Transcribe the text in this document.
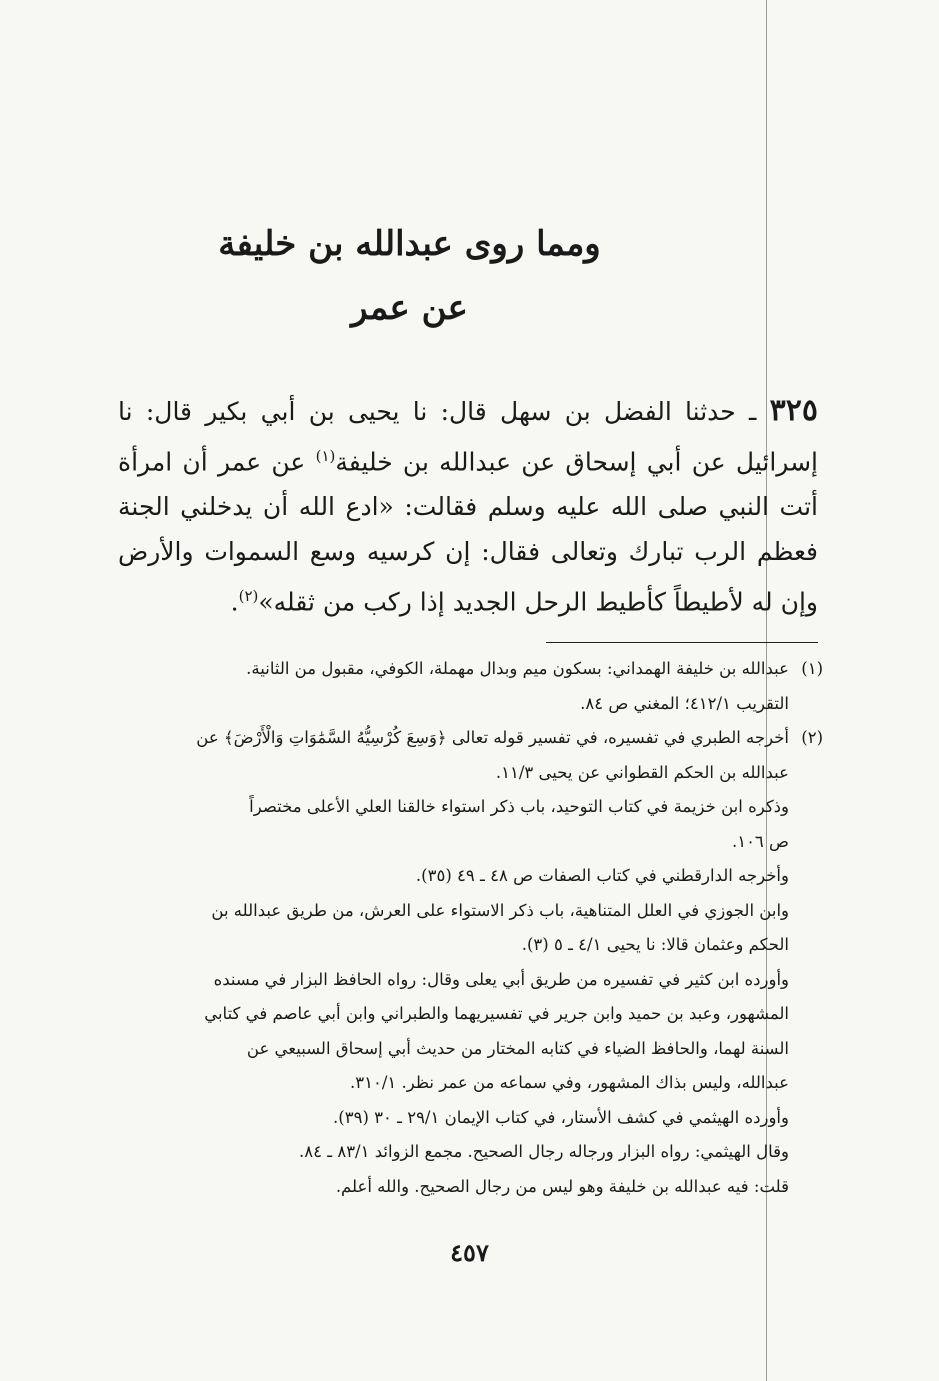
ومما روى عبدالله بن خليفة

عن عمر

٣٢٥ ـ حدثنا الفضل بن سهل قال: نا يحيى بن أبي بكير قال: نا إسرائيل عن أبي إسحاق عن عبدالله بن خليفة$^{(١)}$ عن عمر أن امرأة أتت النبي صلى الله عليه وسلم فقالت: «ادع الله أن يدخلني الجنة فعظم الرب تبارك وتعالى فقال: إن كرسيه وسع السموات والأرض وإن له لأطيطاً كأطيط الرحل الجديد إذا ركب من ثقله»$^{(٢)}$.

(١)عبدالله بن خليفة الهمداني: بسكون ميم وبدال مهملة، الكوفي، مقبول من الثانية.

التقريب ٤١٢/١؛ المغني ص ٨٤.

(٢)أخرجه الطبري في تفسيره، في تفسير قوله تعالى ﴿وَسِعَ كُرْسِيُّهُ السَّمَٰوَاتِ وَالْأَرْضَ﴾ عن

عبدالله بن الحكم القطواني عن يحيى ١١/٣.

وذكره ابن خزيمة في كتاب التوحيد، باب ذكر استواء خالقنا العلي الأعلى مختصراً

ص ١٠٦.

وأخرجه الدارقطني في كتاب الصفات ص ٤٨ ـ ٤٩ (٣٥).

وابن الجوزي في العلل المتناهية، باب ذكر الاستواء على العرش، من طريق عبدالله بن

الحكم وعثمان قالا: نا يحيى ٤/١ ـ ٥ (٣).

وأورده ابن كثير في تفسيره من طريق أبي يعلى وقال: رواه الحافظ البزار في مسنده

المشهور، وعبد بن حميد وابن جرير في تفسيريهما والطبراني وابن أبي عاصم في كتابي

السنة لهما، والحافظ الضياء في كتابه المختار من حديث أبي إسحاق السبيعي عن

عبدالله، وليس بذاك المشهور، وفي سماعه من عمر نظر. ٣١٠/١.

وأورده الهيثمي في كشف الأستار، في كتاب الإيمان ٢٩/١ ـ ٣٠ (٣٩).

وقال الهيثمي: رواه البزار ورجاله رجال الصحيح. مجمع الزوائد ٨٣/١ ـ ٨٤.

قلت: فيه عبدالله بن خليفة وهو ليس من رجال الصحيح. والله أعلم.

٤٥٧
